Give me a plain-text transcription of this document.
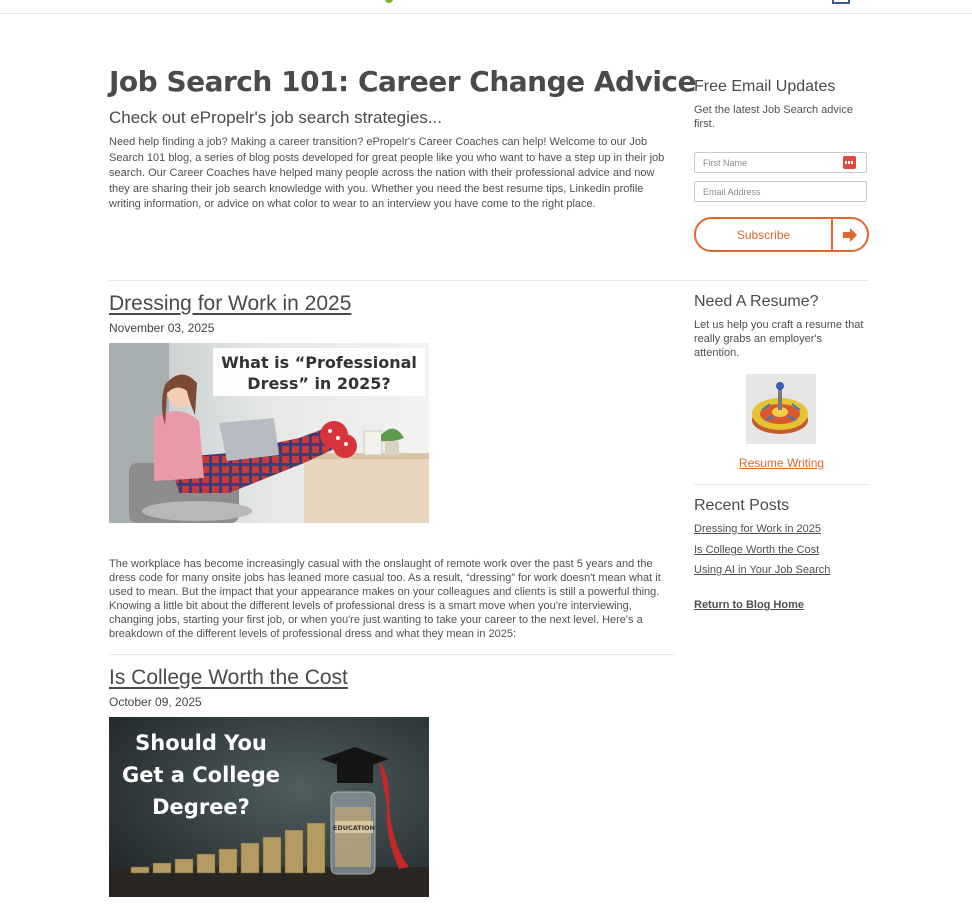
Job Search 101: Career Change Advice
Check out ePropelr's job search strategies...
Need help finding a job? Making a career transition? ePropelr's Career Coaches can help! Welcome to our Job Search 101 blog, a series of blog posts developed for great people like you who want to have a step up in their job search. Our Career Coaches have helped many people across the nation with their professional advice and now they are sharing their job search knowledge with you. Whether you need the best resume tips, Linkedin profile writing information, or advice on what color to wear to an interview you have come to the right place.
Dressing for Work in 2025
November 03, 2025
What is “Professional
Dress” in 2025?
The workplace has become increasingly casual with the onslaught of remote work over the past 5 years and the dress code for many onsite jobs has leaned more casual too. As a result, “dressing” for work doesn't mean what it used to mean. But the impact that your appearance makes on your colleagues and clients is still a powerful thing. Knowing a little bit about the different levels of professional dress is a smart move when you're interviewing, changing jobs, starting your first job, or when you're just wanting to take your career to the next level. Here's a breakdown of the different levels of professional dress and what they mean in 2025:
Is College Worth the Cost
October 09, 2025
EDUCATION
Should You
Get a College
Degree?
Free Email Updates
Get the latest Job Search advice first.
First Name
Email Address
Subscribe
Need A Resume?
Let us help you craft a resume that really grabs an employer's attention.
Resume Writing
Recent Posts
Dressing for Work in 2025
Is College Worth the Cost
Using AI in Your Job Search
Return to Blog Home
